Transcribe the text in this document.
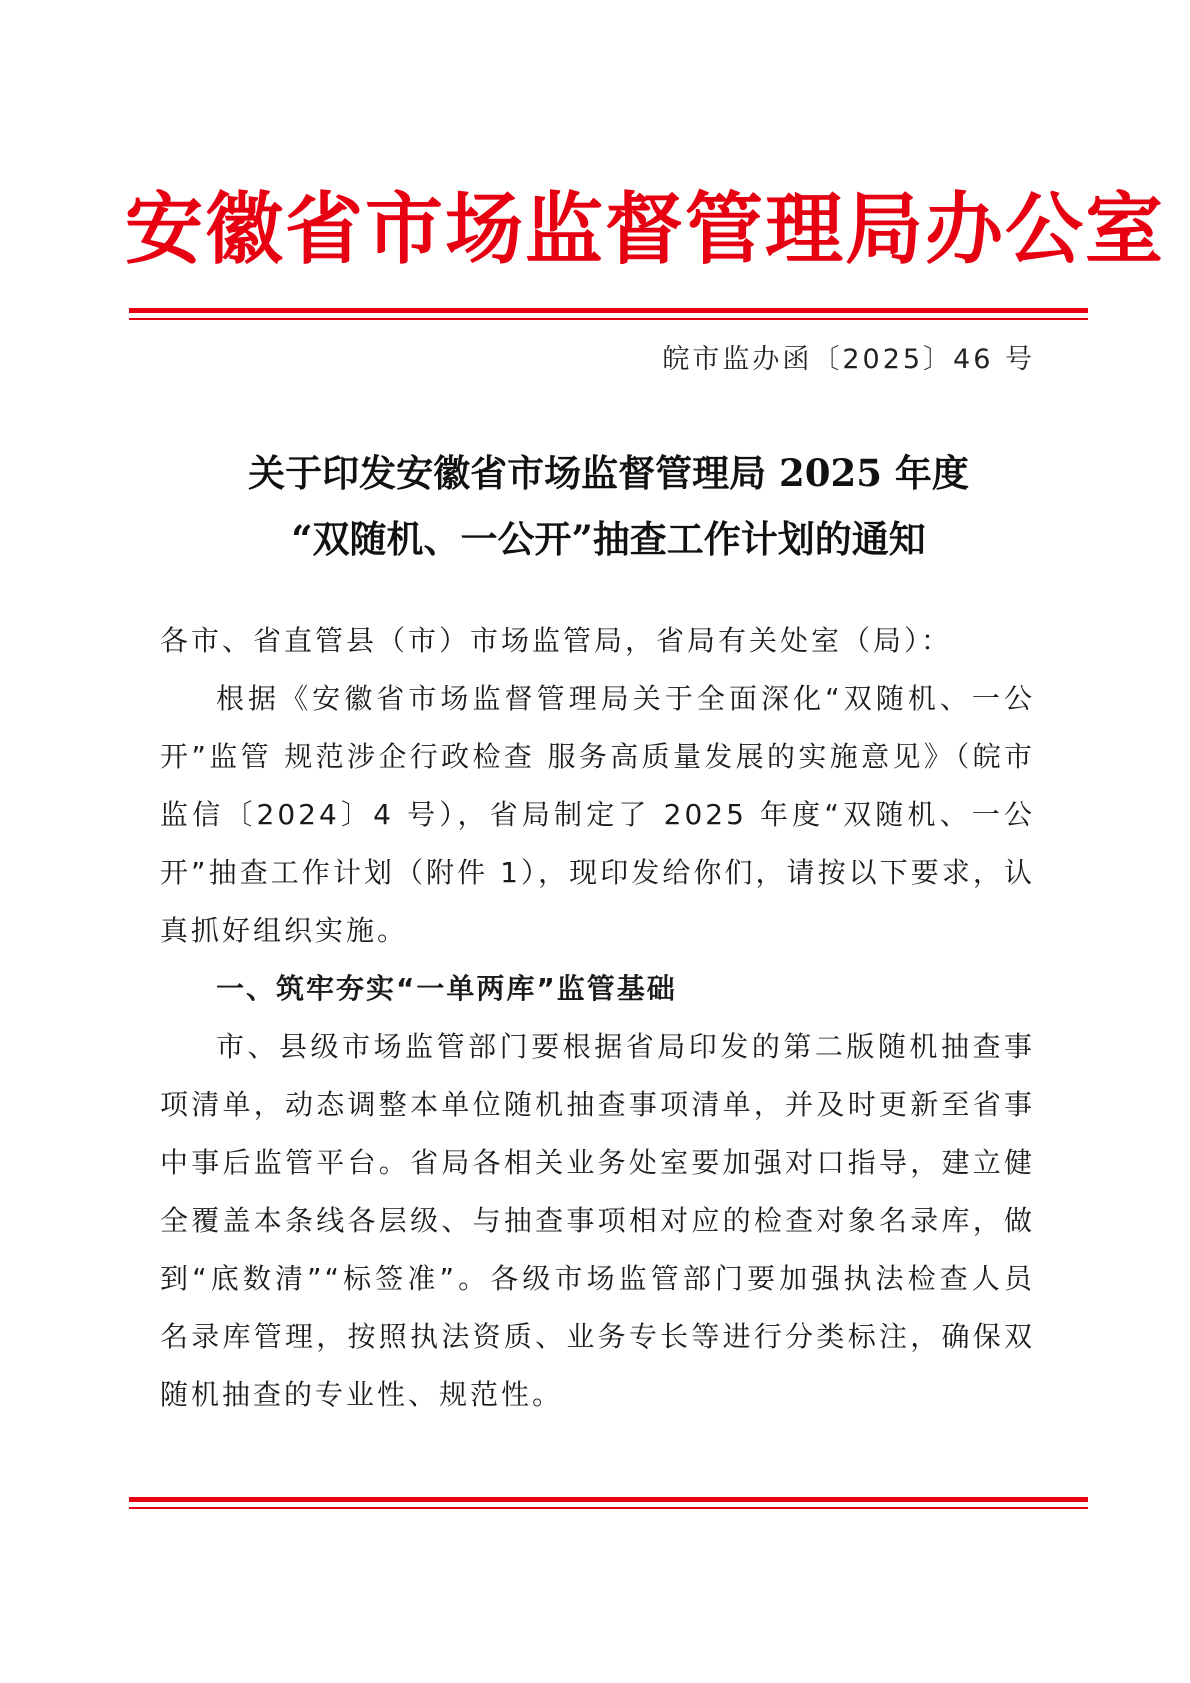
安徽省市场监督管理局办公室

皖市监办函〔2025〕46 号

关于印发安徽省市场监督管理局 2025 年度
“双随机、一公开”抽查工作计划的通知

各市、省直管县（市）市场监管局，省局有关处室（局）：

根据《安徽省市场监督管理局关于全面深化“双随机、一公开”监管 规范涉企行政检查 服务高质量发展的实施意见》（皖市监信〔2024〕4 号），省局制定了 2025 年度“双随机、一公开”抽查工作计划（附件 1），现印发给你们，请按以下要求，认真抓好组织实施。

一、筑牢夯实“一单两库”监管基础

市、县级市场监管部门要根据省局印发的第二版随机抽查事项清单，动态调整本单位随机抽查事项清单，并及时更新至省事中事后监管平台。省局各相关业务处室要加强对口指导，建立健全覆盖本条线各层级、与抽查事项相对应的检查对象名录库，做到“底数清”“标签准”。各级市场监管部门要加强执法检查人员名录库管理，按照执法资质、业务专长等进行分类标注，确保双随机抽查的专业性、规范性。
